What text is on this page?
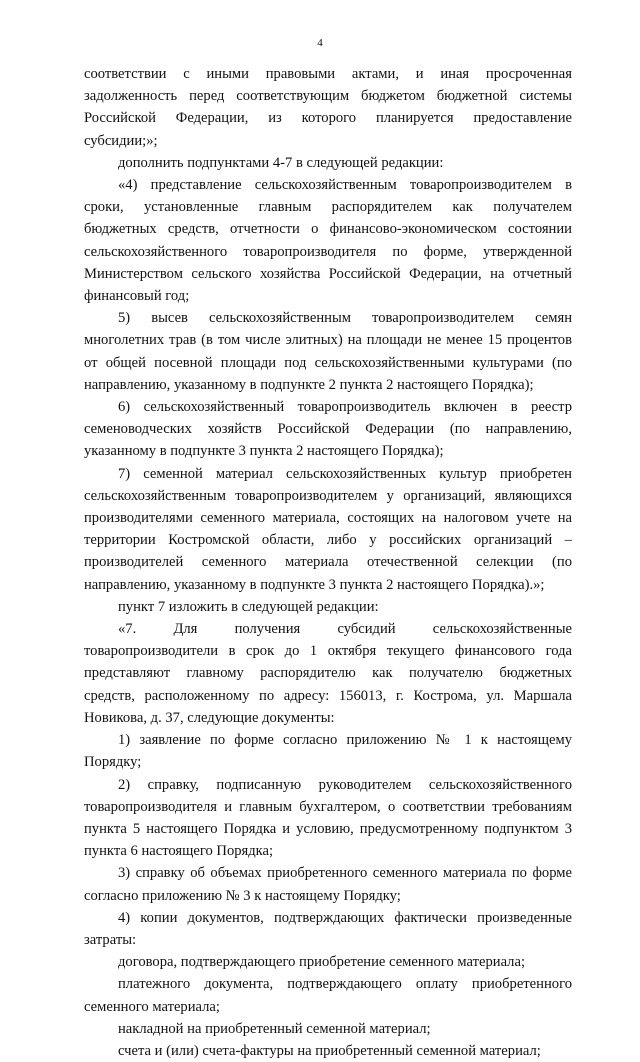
4

соответствии с иными правовыми актами, и иная просроченная

задолженность перед соответствующим бюджетом бюджетной системы

Российской Федерации, из которого планируется предоставление

субсидии;»;

дополнить подпунктами 4-7 в следующей редакции:

«4) представление сельскохозяйственным товаропроизводителем в

сроки, установленные главным распорядителем как получателем

бюджетных средств, отчетности о финансово-экономическом состоянии

сельскохозяйственного товаропроизводителя по форме, утвержденной

Министерством сельского хозяйства Российской Федерации, на отчетный

финансовый год;

5) высев сельскохозяйственным товаропроизводителем семян

многолетних трав (в том числе элитных) на площади не менее 15 процентов

от общей посевной площади под сельскохозяйственными культурами (по

направлению, указанному в подпункте 2 пункта 2 настоящего Порядка);

6) сельскохозяйственный товаропроизводитель включен в реестр

семеноводческих хозяйств Российской Федерации (по направлению,

указанному в подпункте 3 пункта 2 настоящего Порядка);

7) семенной материал сельскохозяйственных культур приобретен

сельскохозяйственным товаропроизводителем у организаций, являющихся

производителями семенного материала, состоящих на налоговом учете на

территории Костромской области, либо у российских организаций –

производителей семенного материала отечественной селекции (по

направлению, указанному в подпункте 3 пункта 2 настоящего Порядка).»;

пункт 7 изложить в следующей редакции:

«7. Для получения субсидий сельскохозяйственные

товаропроизводители в срок до 1 октября текущего финансового года

представляют главному распорядителю как получателю бюджетных

средств, расположенному по адресу: 156013, г. Кострома, ул. Маршала

Новикова, д. 37, следующие документы:

1) заявление по форме согласно приложению № 1 к настоящему

Порядку;

2) справку, подписанную руководителем сельскохозяйственного

товаропроизводителя и главным бухгалтером, о соответствии требованиям

пункта 5 настоящего Порядка и условию, предусмотренному подпунктом 3

пункта 6 настоящего Порядка;

3) справку об объемах приобретенного семенного материала по форме

согласно приложению № 3 к настоящему Порядку;

4) копии документов, подтверждающих фактически произведенные

затраты:

договора, подтверждающего приобретение семенного материала;

платежного документа, подтверждающего оплату приобретенного

семенного материала;

накладной на приобретенный семенной материал;

счета и (или) счета-фактуры на приобретенный семенной материал;
